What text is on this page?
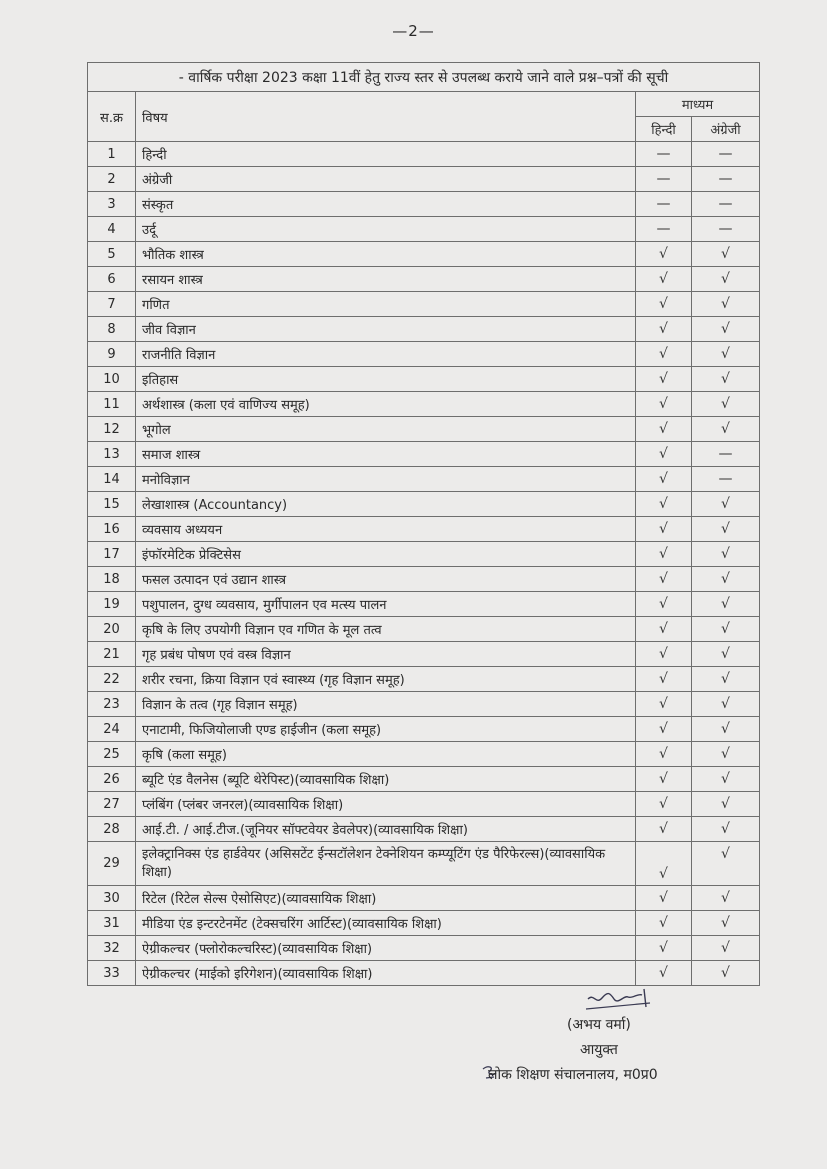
—2—
- वार्षिक परीक्षा 2023 कक्षा 11वीं हेतु राज्य स्तर से उपलब्ध कराये जाने वाले प्रश्न–पत्रों की सूची			
स.क्र	विषय	माध्यम	
		हिन्दी	अंग्रेजी
1	हिन्दी	—	—
2	अंग्रेजी	—	—
3	संस्कृत	—	—
4	उर्दू	—	—
5	भौतिक शास्त्र	√	√
6	रसायन शास्त्र	√	√
7	गणित	√	√
8	जीव विज्ञान	√	√
9	राजनीति विज्ञान	√	√
10	इतिहास	√	√
11	अर्थशास्त्र (कला एवं वाणिज्य समूह)	√	√
12	भूगोल	√	√
13	समाज शास्त्र	√	—
14	मनोविज्ञान	√	—
15	लेखाशास्त्र (Accountancy)	√	√
16	व्यवसाय अध्ययन	√	√
17	इंफॉरमेटिक प्रेक्टिसेस	√	√
18	फसल उत्पादन एवं उद्यान शास्त्र	√	√
19	पशुपालन, दुग्ध व्यवसाय, मुर्गीपालन एव मत्स्य पालन	√	√
20	कृषि के लिए उपयोगी विज्ञान एव गणित के मूल तत्व	√	√
21	गृह प्रबंध पोषण एवं वस्त्र विज्ञान	√	√
22	शरीर रचना, क्रिया विज्ञान एवं स्वास्थ्य (गृह विज्ञान समूह)	√	√
23	विज्ञान के तत्व (गृह विज्ञान समूह)	√	√
24	एनाटामी, फिजियोलाजी एण्ड हाईजीन (कला समूह)	√	√
25	कृषि (कला समूह)	√	√
26	ब्यूटि एंड वैलनेस (ब्यूटि थेरेपिस्ट)(व्यावसायिक शिक्षा)	√	√
27	प्लंबिंग (प्लंबर जनरल)(व्यावसायिक शिक्षा)	√	√
28	आई.टी. / आई.टीज.(जूनियर सॉफ्टवेयर डेवलेपर)(व्यावसायिक शिक्षा)	√	√
29	इलेक्ट्रानिक्स एंड हार्डवेयर (असिसटेंट ईन्सटॉलेशन टेक्नेशियन कम्प्यूटिंग एंड पैरिफेरल्स)(व्यावसायिक शिक्षा)	√	√
30	रिटेल (रिटेल सेल्स ऐसोसिएट)(व्यावसायिक शिक्षा)	√	√
31	मीडिया एंड इन्टरटेनमेंट (टेक्सचरिंग आर्टिस्ट)(व्यावसायिक शिक्षा)	√	√
32	ऐग्रीकल्चर (फ्लोरोकल्चरिस्ट)(व्यावसायिक शिक्षा)	√	√
33	ऐग्रीकल्चर (माईको इरिगेशन)(व्यावसायिक शिक्षा)	√	√
(अभय वर्मा)
आयुक्त
लोक शिक्षण संचालनालय, म0प्र0
